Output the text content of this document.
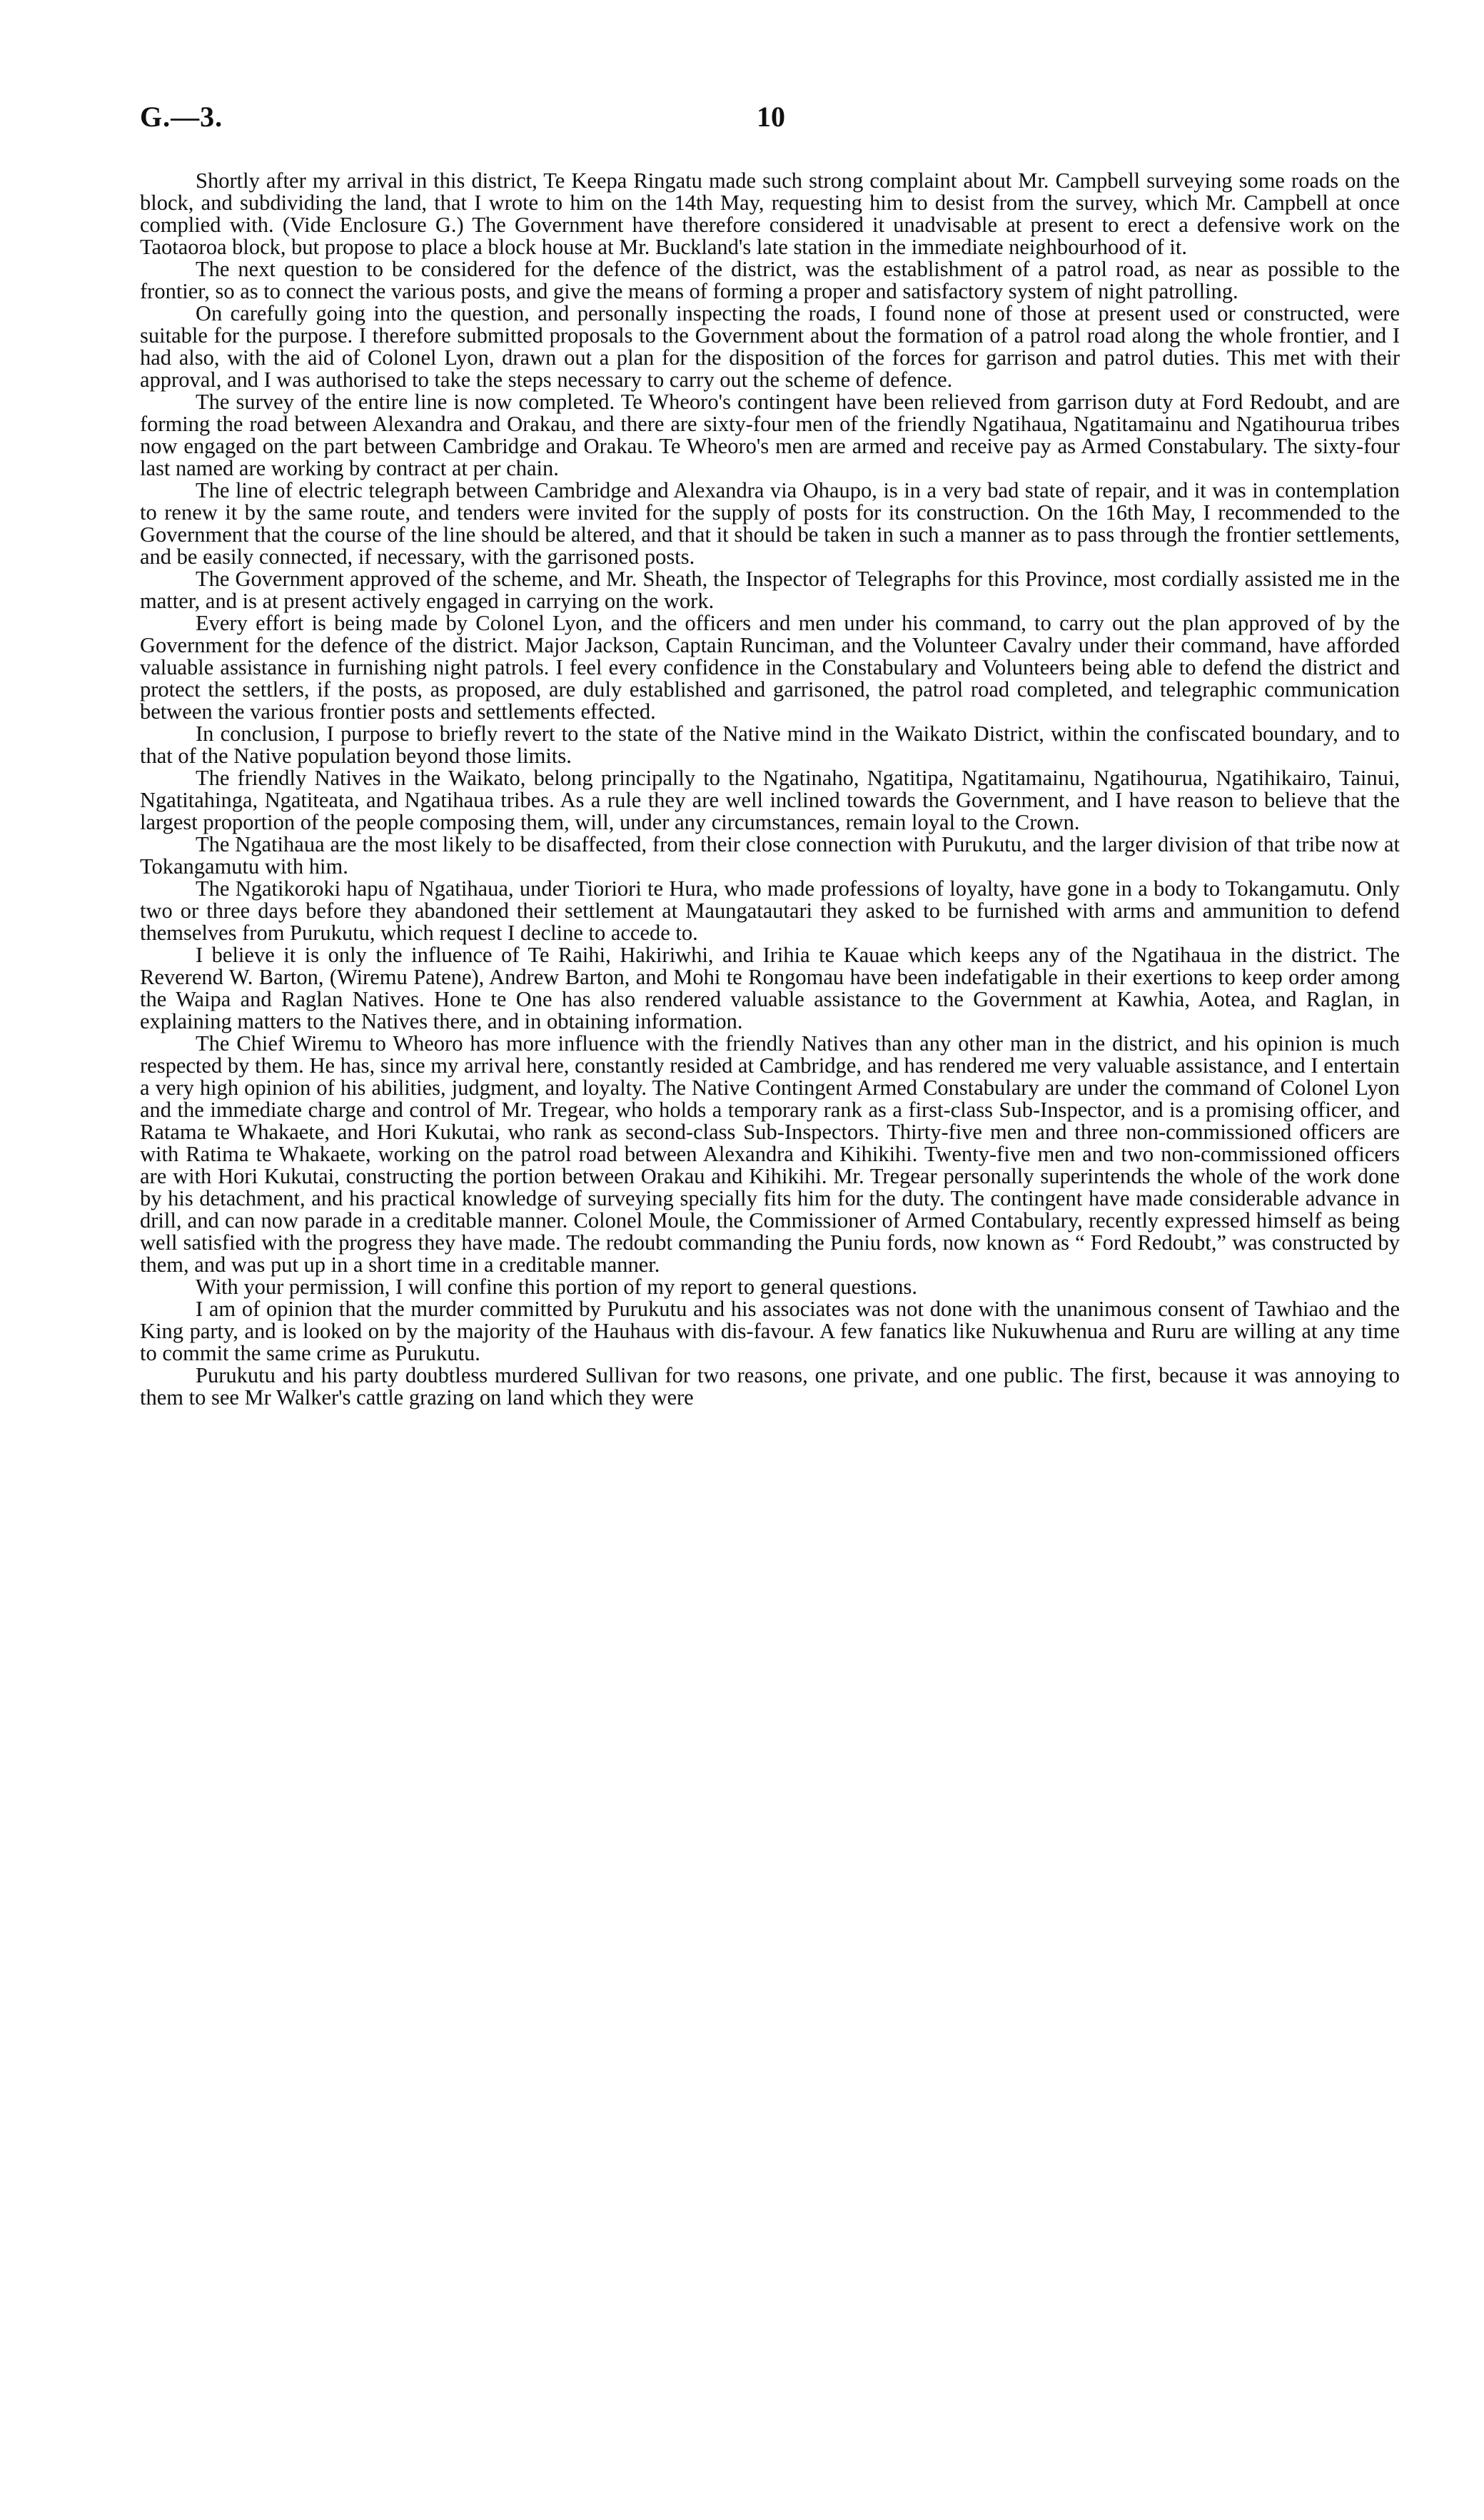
G.—3.	10

Shortly after my arrival in this district, Te Keepa Ringatu made such strong complaint about Mr. Campbell surveying some roads on the block, and subdividing the land, that I wrote to him on the 14th May, requesting him to desist from the survey, which Mr. Campbell at once complied with. (Vide Enclosure G.) The Government have therefore considered it unadvisable at present to erect a defensive work on the Taotaoroa block, but propose to place a block house at Mr. Buckland's late station in the immediate neighbourhood of it.

The next question to be considered for the defence of the district, was the establishment of a patrol road, as near as possible to the frontier, so as to connect the various posts, and give the means of forming a proper and satisfactory system of night patrolling.

On carefully going into the question, and personally inspecting the roads, I found none of those at present used or constructed, were suitable for the purpose. I therefore submitted proposals to the Government about the formation of a patrol road along the whole frontier, and I had also, with the aid of Colonel Lyon, drawn out a plan for the disposition of the forces for garrison and patrol duties. This met with their approval, and I was authorised to take the steps necessary to carry out the scheme of defence.

The survey of the entire line is now completed. Te Wheoro's contingent have been relieved from garrison duty at Ford Redoubt, and are forming the road between Alexandra and Orakau, and there are sixty-four men of the friendly Ngatihaua, Ngatitamainu and Ngatihourua tribes now engaged on the part between Cambridge and Orakau. Te Wheoro's men are armed and receive pay as Armed Constabulary. The sixty-four last named are working by contract at per chain.

The line of electric telegraph between Cambridge and Alexandra via Ohaupo, is in a very bad state of repair, and it was in contemplation to renew it by the same route, and tenders were invited for the supply of posts for its construction. On the 16th May, I recommended to the Government that the course of the line should be altered, and that it should be taken in such a manner as to pass through the frontier settlements, and be easily connected, if necessary, with the garrisoned posts.

The Government approved of the scheme, and Mr. Sheath, the Inspector of Telegraphs for this Province, most cordially assisted me in the matter, and is at present actively engaged in carrying on the work.

Every effort is being made by Colonel Lyon, and the officers and men under his command, to carry out the plan approved of by the Government for the defence of the district. Major Jackson, Captain Runciman, and the Volunteer Cavalry under their command, have afforded valuable assistance in furnishing night patrols. I feel every confidence in the Constabulary and Volunteers being able to defend the district and protect the settlers, if the posts, as proposed, are duly established and garrisoned, the patrol road completed, and telegraphic communication between the various frontier posts and settlements effected.

In conclusion, I purpose to briefly revert to the state of the Native mind in the Waikato District, within the confiscated boundary, and to that of the Native population beyond those limits.

The friendly Natives in the Waikato, belong principally to the Ngatinaho, Ngatitipa, Ngatitamainu, Ngatihourua, Ngatihikairo, Tainui, Ngatitahinga, Ngatiteata, and Ngatihaua tribes. As a rule they are well inclined towards the Government, and I have reason to believe that the largest proportion of the people composing them, will, under any circumstances, remain loyal to the Crown.

The Ngatihaua are the most likely to be disaffected, from their close connection with Purukutu, and the larger division of that tribe now at Tokangamutu with him.

The Ngatikoroki hapu of Ngatihaua, under Tioriori te Hura, who made professions of loyalty, have gone in a body to Tokangamutu. Only two or three days before they abandoned their settlement at Maungatautari they asked to be furnished with arms and ammunition to defend themselves from Purukutu, which request I decline to accede to.

I believe it is only the influence of Te Raihi, Hakiriwhi, and Irihia te Kauae which keeps any of the Ngatihaua in the district. The Reverend W. Barton, (Wiremu Patene), Andrew Barton, and Mohi te Rongomau have been indefatigable in their exertions to keep order among the Waipa and Raglan Natives. Hone te One has also rendered valuable assistance to the Government at Kawhia, Aotea, and Raglan, in explaining matters to the Natives there, and in obtaining information.

The Chief Wiremu to Wheoro has more influence with the friendly Natives than any other man in the district, and his opinion is much respected by them. He has, since my arrival here, constantly resided at Cambridge, and has rendered me very valuable assistance, and I entertain a very high opinion of his abilities, judgment, and loyalty. The Native Contingent Armed Constabulary are under the command of Colonel Lyon and the immediate charge and control of Mr. Tregear, who holds a temporary rank as a first-class Sub-Inspector, and is a promising officer, and Ratama te Whakaete, and Hori Kukutai, who rank as second-class Sub-Inspectors. Thirty-five men and three non-commissioned officers are with Ratima te Whakaete, working on the patrol road between Alexandra and Kihikihi. Twenty-five men and two non-commissioned officers are with Hori Kukutai, constructing the portion between Orakau and Kihikihi. Mr. Tregear personally superintends the whole of the work done by his detachment, and his practical knowledge of surveying specially fits him for the duty. The contingent have made considerable advance in drill, and can now parade in a creditable manner. Colonel Moule, the Commissioner of Armed Contabulary, recently expressed himself as being well satisfied with the progress they have made. The redoubt commanding the Puniu fords, now known as “ Ford Redoubt,” was constructed by them, and was put up in a short time in a creditable manner.

With your permission, I will confine this portion of my report to general questions.

I am of opinion that the murder committed by Purukutu and his associates was not done with the unanimous consent of Tawhiao and the King party, and is looked on by the majority of the Hauhaus with dis-favour. A few fanatics like Nukuwhenua and Ruru are willing at any time to commit the same crime as Purukutu.

Purukutu and his party doubtless murdered Sullivan for two reasons, one private, and one public. The first, because it was annoying to them to see Mr Walker's cattle grazing on land which they were
